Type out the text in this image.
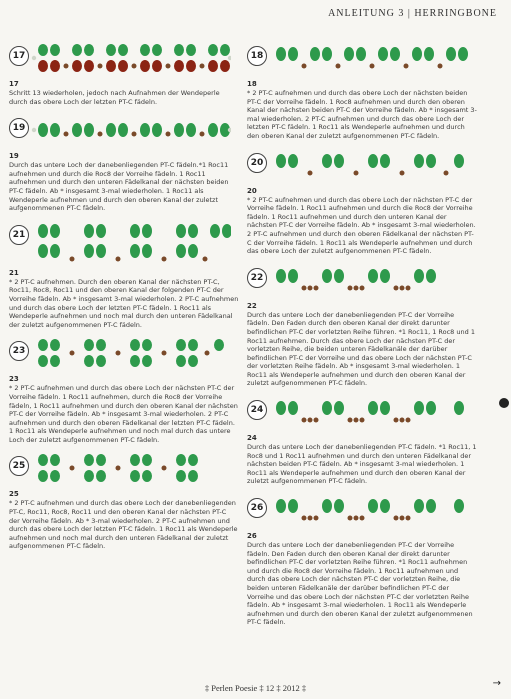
ANLEITUNG 3 | HERRINGBONE
17
17
Schritt 13 wiederholen, jedoch nach Aufnahmen der Wendeperle durch das obere Loch der letzten PT-C fädeln.
19
19
Durch das untere Loch der danebenliegenden PT-C fädeln.*1 Roc11 aufnehmen und durch die Roc8 der Vorreihe fädeln. 1 Roc11 aufnehmen und durch den unteren Fädelkanal der nächsten beiden PT-C fädeln. Ab * insgesamt 3-mal wiederholen. 1 Roc11 als Wendeperle aufnehmen und durch den oberen Kanal der zuletzt aufgenommenen PT-C fädeln.
21
21
* 2 PT-C aufnehmen. Durch den oberen Kanal der nächsten PT-C, Roc11, Roc8, Roc11 und den oberen Kanal der folgenden PT-C der Vorreihe fädeln. Ab * insgesamt 3-mal wiederholen. 2 PT-C aufnehmen und durch das obere Loch der letzten PT-C fädeln. 1 Roc11 als Wendeperle aufnehmen und noch mal durch den unteren Fädelkanal der zuletzt aufgenommenen PT-C fädeln.
23
23
* 2 PT-C aufnehmen und durch das obere Loch der nächsten PT-C der Vorreihe fädeln. 1 Roc11 aufnehmen, durch die Roc8 der Vorreihe fädeln, 1 Roc11 aufnehmen und durch den oberen Kanal der nächsten PT-C der Vorreihe fädeln. Ab * insgesamt 3-mal wiederholen. 2 PT-C aufnehmen und durch den oberen Fädelkanal der letzten PT-C fädeln. 1 Roc11 als Wendeperle aufnehmen und noch mal durch das untere Loch der zuletzt aufgenommenen PT-C fädeln.
25
25
* 2 PT-C aufnehmen und durch das obere Loch der danebenliegenden PT-C, Roc11, Roc8, Roc11 und den oberen Kanal der nächsten PT-C der Vorreihe fädeln. Ab * 3-mal wiederholen. 2 PT-C aufnehmen und durch das obere Loch der letzten PT-C fädeln. 1 Roc11 als Wendeperle aufnehmen und noch mal durch den unteren Fädelkanal der zuletzt aufgenommenen PT-C fädeln.
18
18
* 2 PT-C aufnehmen und durch das obere Loch der nächsten beiden PT-C der Vorreihe fädeln. 1 Roc8 aufnehmen und durch den oberen Kanal der nächsten beiden PT-C der Vorreihe fädeln. Ab * insgesamt 3-mal wiederholen. 2 PT-C aufnehmen und durch das obere Loch der letzten PT-C fädeln. 1 Roc11 als Wendeperle aufnehmen und durch den oberen Kanal der zuletzt aufgenommenen PT-C fädeln.
20
20
* 2 PT-C aufnehmen und durch das obere Loch der nächsten PT-C der Vorreihe fädeln. 1 Roc11 aufnehmen und durch die Roc8 der Vorreihe fädeln. 1 Roc11 aufnehmen und durch den unteren Kanal der nächsten PT-C der Vorreihe fädeln. Ab * insgesamt 3-mal wiederholen. 2 PT-C aufnehmen und durch den oberen Fädelkanal der nächsten PT-C der Vorreihe fädeln. 1 Roc11 als Wendeperle aufnehmen und durch das obere Loch der zuletzt aufgenommenen PT-C fädeln.
22
22
Durch das untere Loch der danebenliegenden PT-C der Vorreihe fädeln. Den Faden durch den oberen Kanal der direkt darunter befindlichen PT-C der vorletzten Reihe führen. *1 Roc11, 1 Roc8 und 1 Roc11 aufnehmen. Durch das obere Loch der nächsten PT-C der vorletzten Reihe, die beiden unteren Fädelkanäle der darüber befindlichen PT-C der Vorreihe und das obere Loch der nächsten PT-C der vorletzten Reihe fädeln. Ab * insgesamt 3-mal wiederholen. 1 Roc11 als Wendeperle aufnehmen und durch den oberen Kanal der zuletzt aufgenommenen PT-C fädeln.
24
24
Durch das untere Loch der danebenliegenden PT-C fädeln. *1 Roc11, 1 Roc8 und 1 Roc11 aufnehmen und durch den unteren Fädelkanal der nächsten beiden PT-C fädeln. Ab * insgesamt 3-mal wiederholen. 1 Roc11 als Wendeperle aufnehmen und durch den oberen Kanal der zuletzt aufgenommenen PT-C fädeln.
26
26
Durch das untere Loch der danebenliegenden PT-C der Vorreihe fädeln. Den Faden durch den oberen Kanal der direkt darunter befindlichen PT-C der vorletzten Reihe führen. *1 Roc11 aufnehmen und durch die Roc8 der Vorreihe fädeln. 1 Roc11 aufnehmen und durch das obere Loch der nächsten PT-C der vorletzten Reihe, die beiden unteren Fädelkanäle der darüber befindlichen PT-C der Vorreihe und das obere Loch der nächsten PT-C der vorletzten Reihe fädeln. Ab * insgesamt 3-mal wiederholen. 1 Roc11 als Wendeperle aufnehmen und durch den oberen Kanal der zuletzt aufgenommenen PT-C fädeln.
→
‡ Perlen Poesie ‡ 12 ‡ 2012 ‡
